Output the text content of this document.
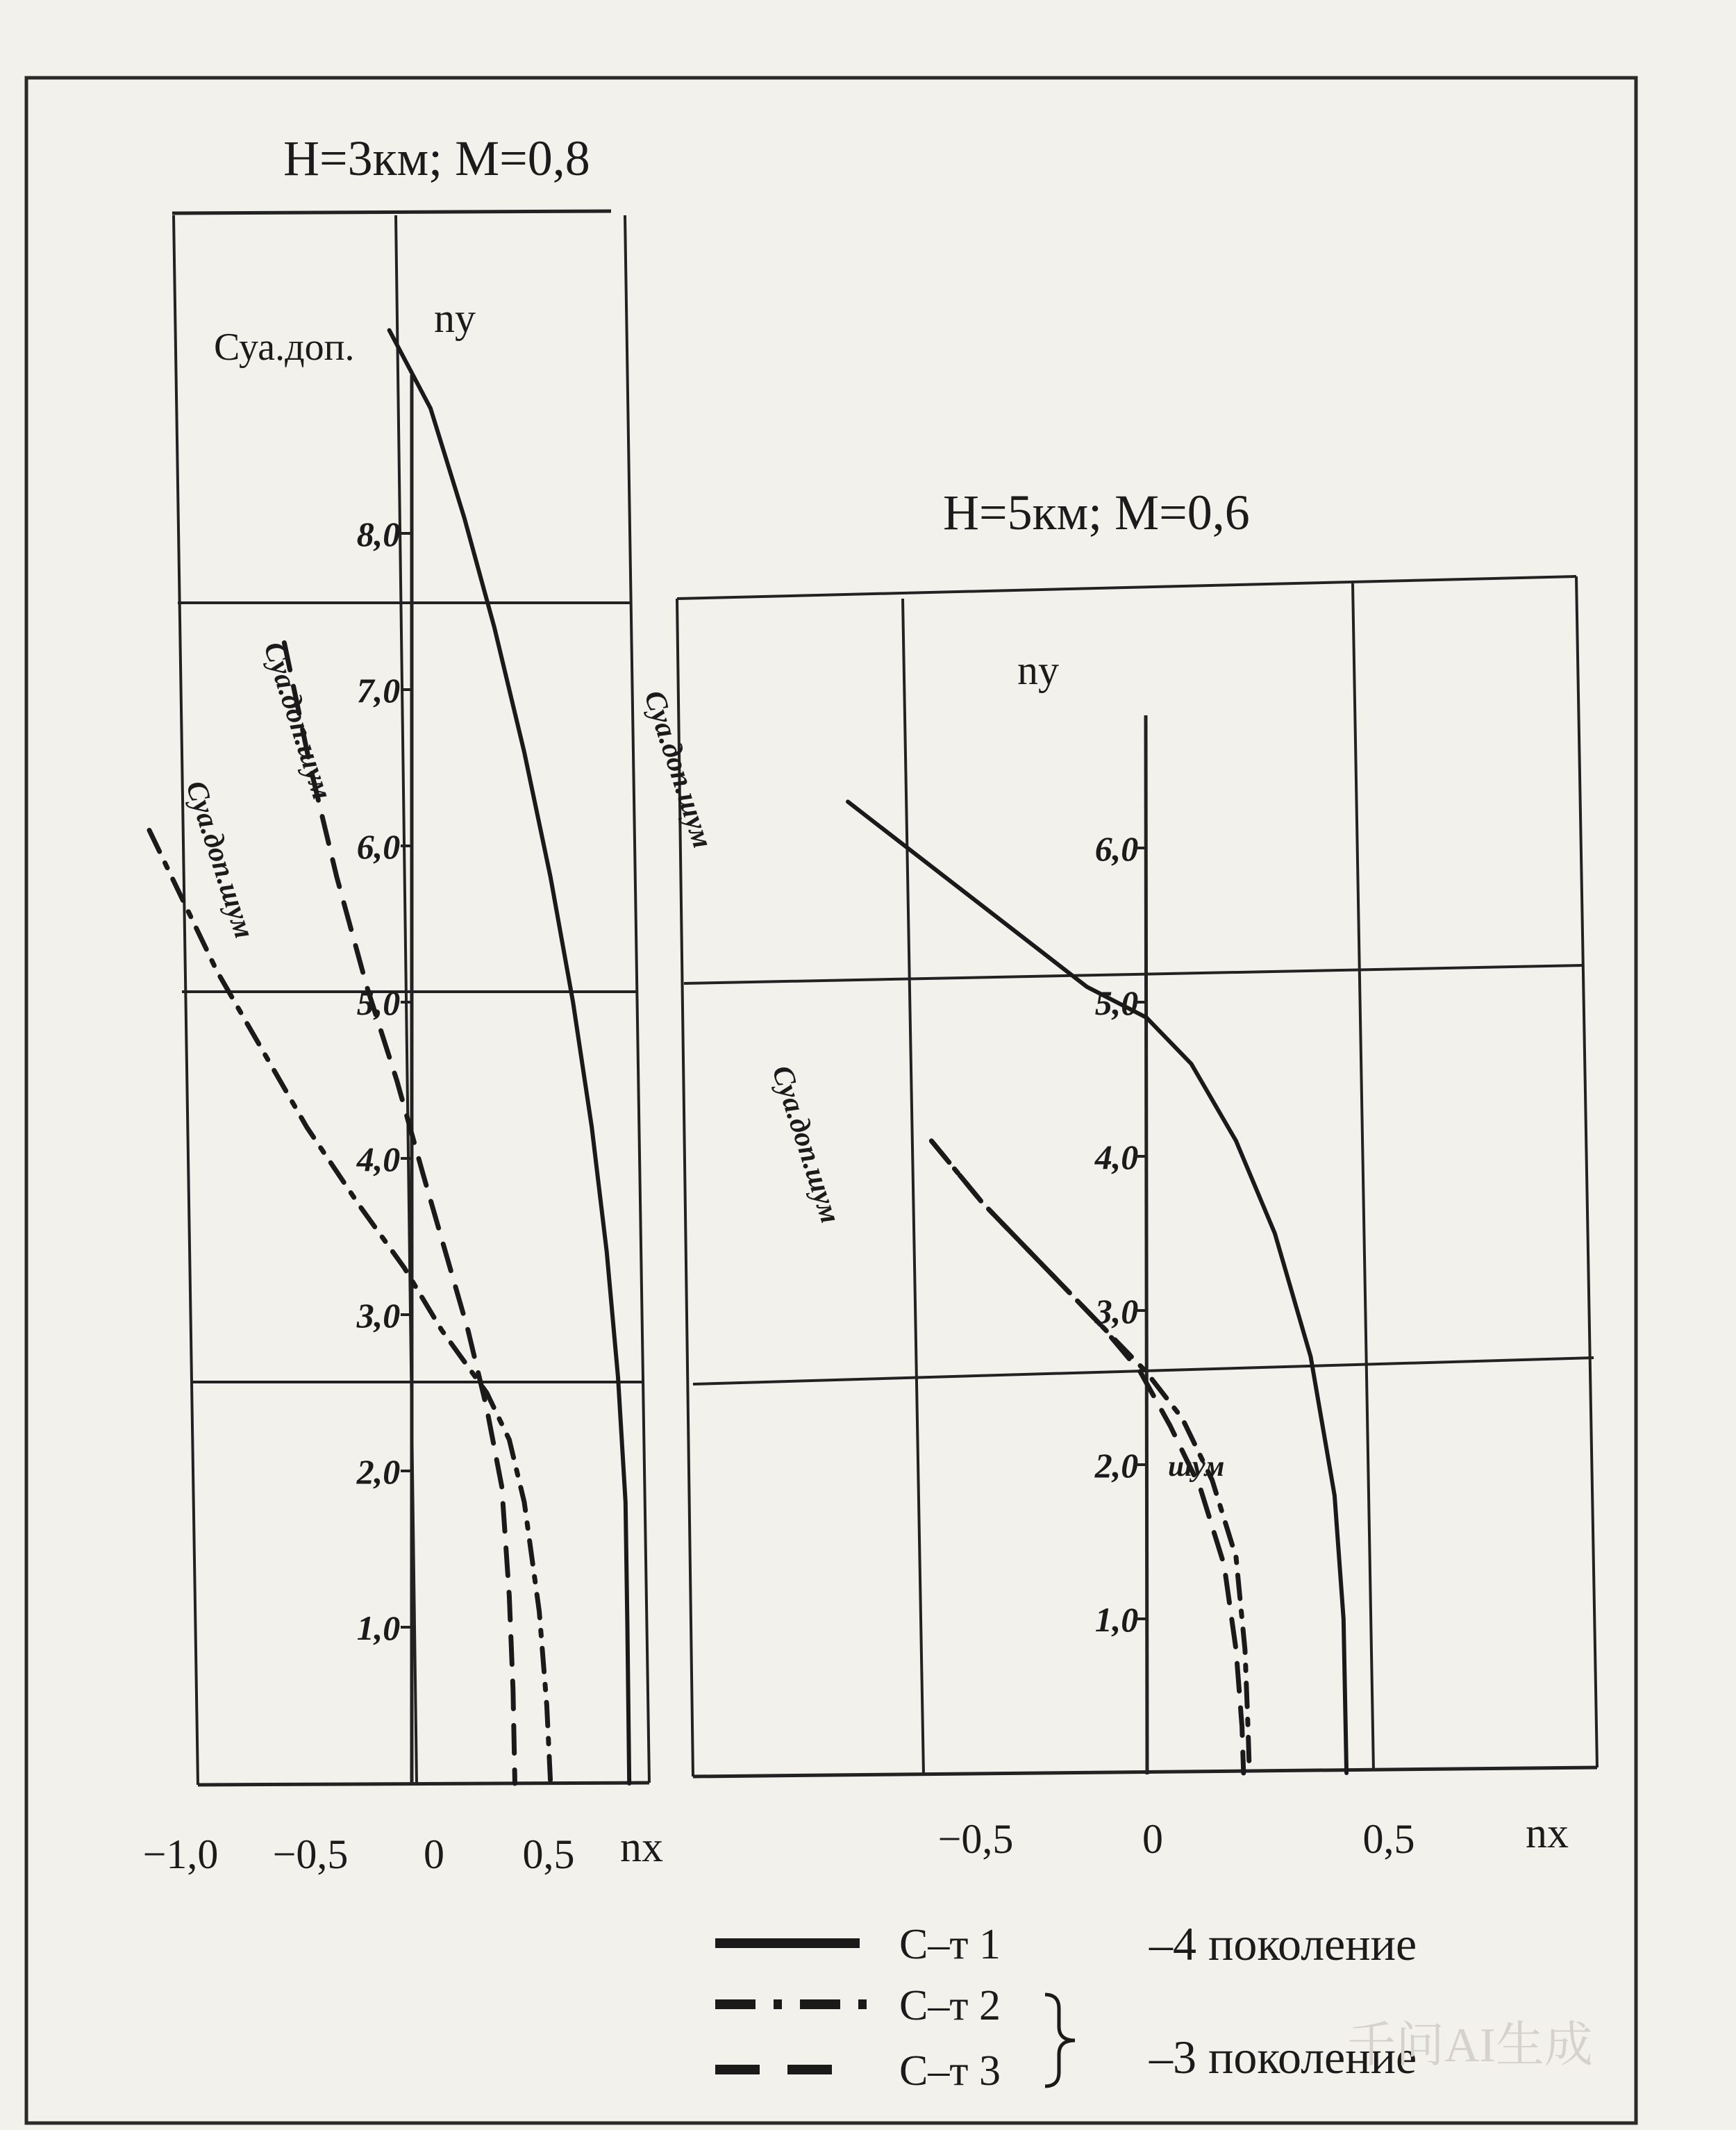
H=3км; M=0,8
1,0
2,0
3,0
4,0
5,0
6,0
7,0
8,0
−1,0 −0,5 0 0,5
nу
Суа.доп.
nх
Cуа.доп.шум
Cуа.доп.шум
H=5км; M=0,6
1,0
2,0
3,0
4,0
5,0
6,0
−0,5	0	0,5
nу
nх
Cуа.доп.шум
Cуа.доп.шум
шум
С–т 1
С–т 2
С–т 3
–4 поколение
–3 поколение
千问AI生成
